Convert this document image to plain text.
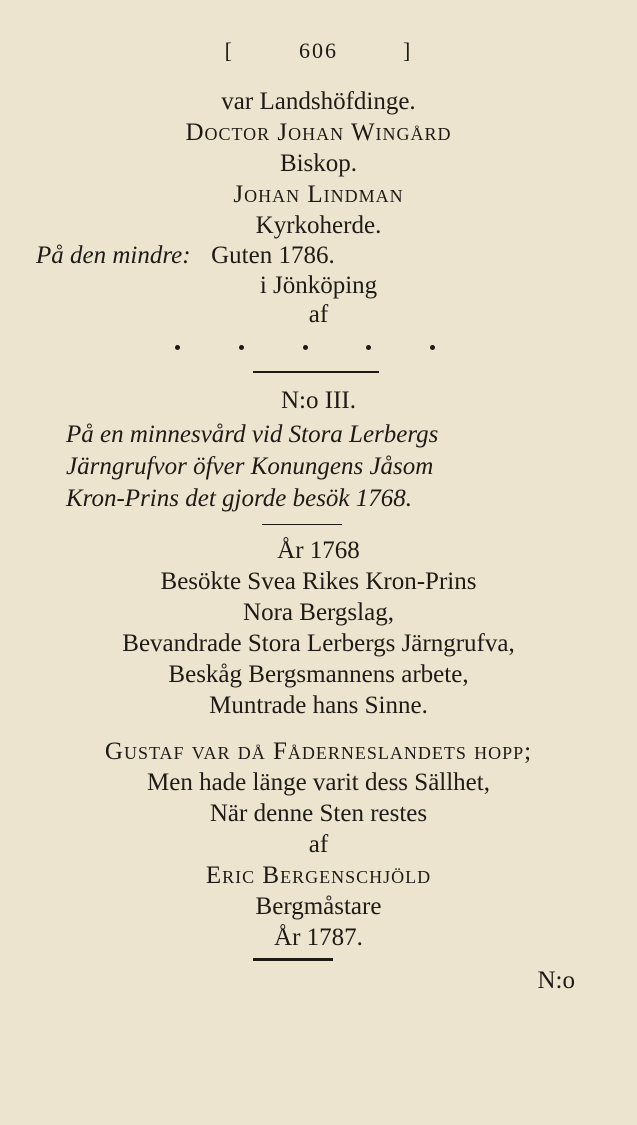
[	606	]
var Landshöfdinge.
Doctor Johan Wingård
Biskop.
Johan Lindman
Kyrkoherde.
På den mindre: Guten 1786.
i Jönköping
af
N:o III.
På en minnesvård vid Stora Lerbergs
Järngrufvor öfver Konungens Jåsom
Kron-Prins det gjorde besök 1768.
År 1768
Besökte Svea Rikes Kron-Prins
Nora Bergslag,
Bevandrade Stora Lerbergs Järngrufva,
Beskåg Bergsmannens arbete,
Muntrade hans Sinne.
Gustaf var då Fåderneslandets hopp;
Men hade länge varit dess Sällhet,
När denne Sten restes
af
Eric Bergenschjöld
Bergmåstare
År 1787.
N:o
